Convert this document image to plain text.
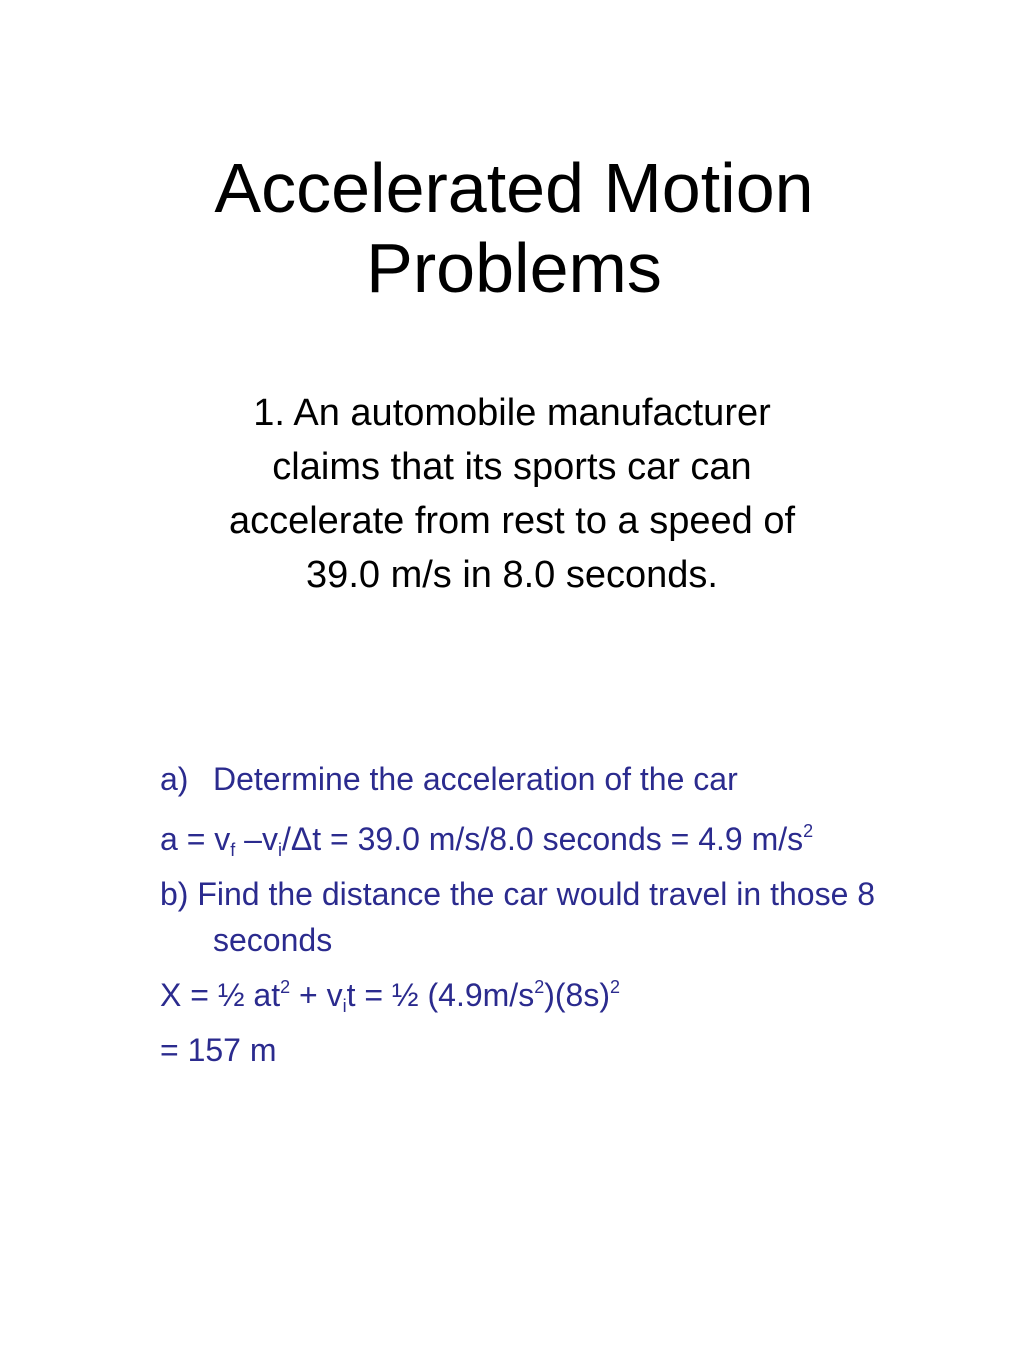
Accelerated Motion
Problems
1. An automobile manufacturer
claims that its sports car can
accelerate from rest to a speed of
39.0 m/s in 8.0 seconds.

a) Determine the acceleration of the car

$a = v_f$ $-v_i/\Delta t = 39.0$ m/s/8.0 seconds = 4.9 $m/s^2$

b) Find the distance the car would travel in those 8 seconds

X = ½ $at^2 + v_it$ = ½ $(4.9m/s^2)(8s)^2$

= 157 m
